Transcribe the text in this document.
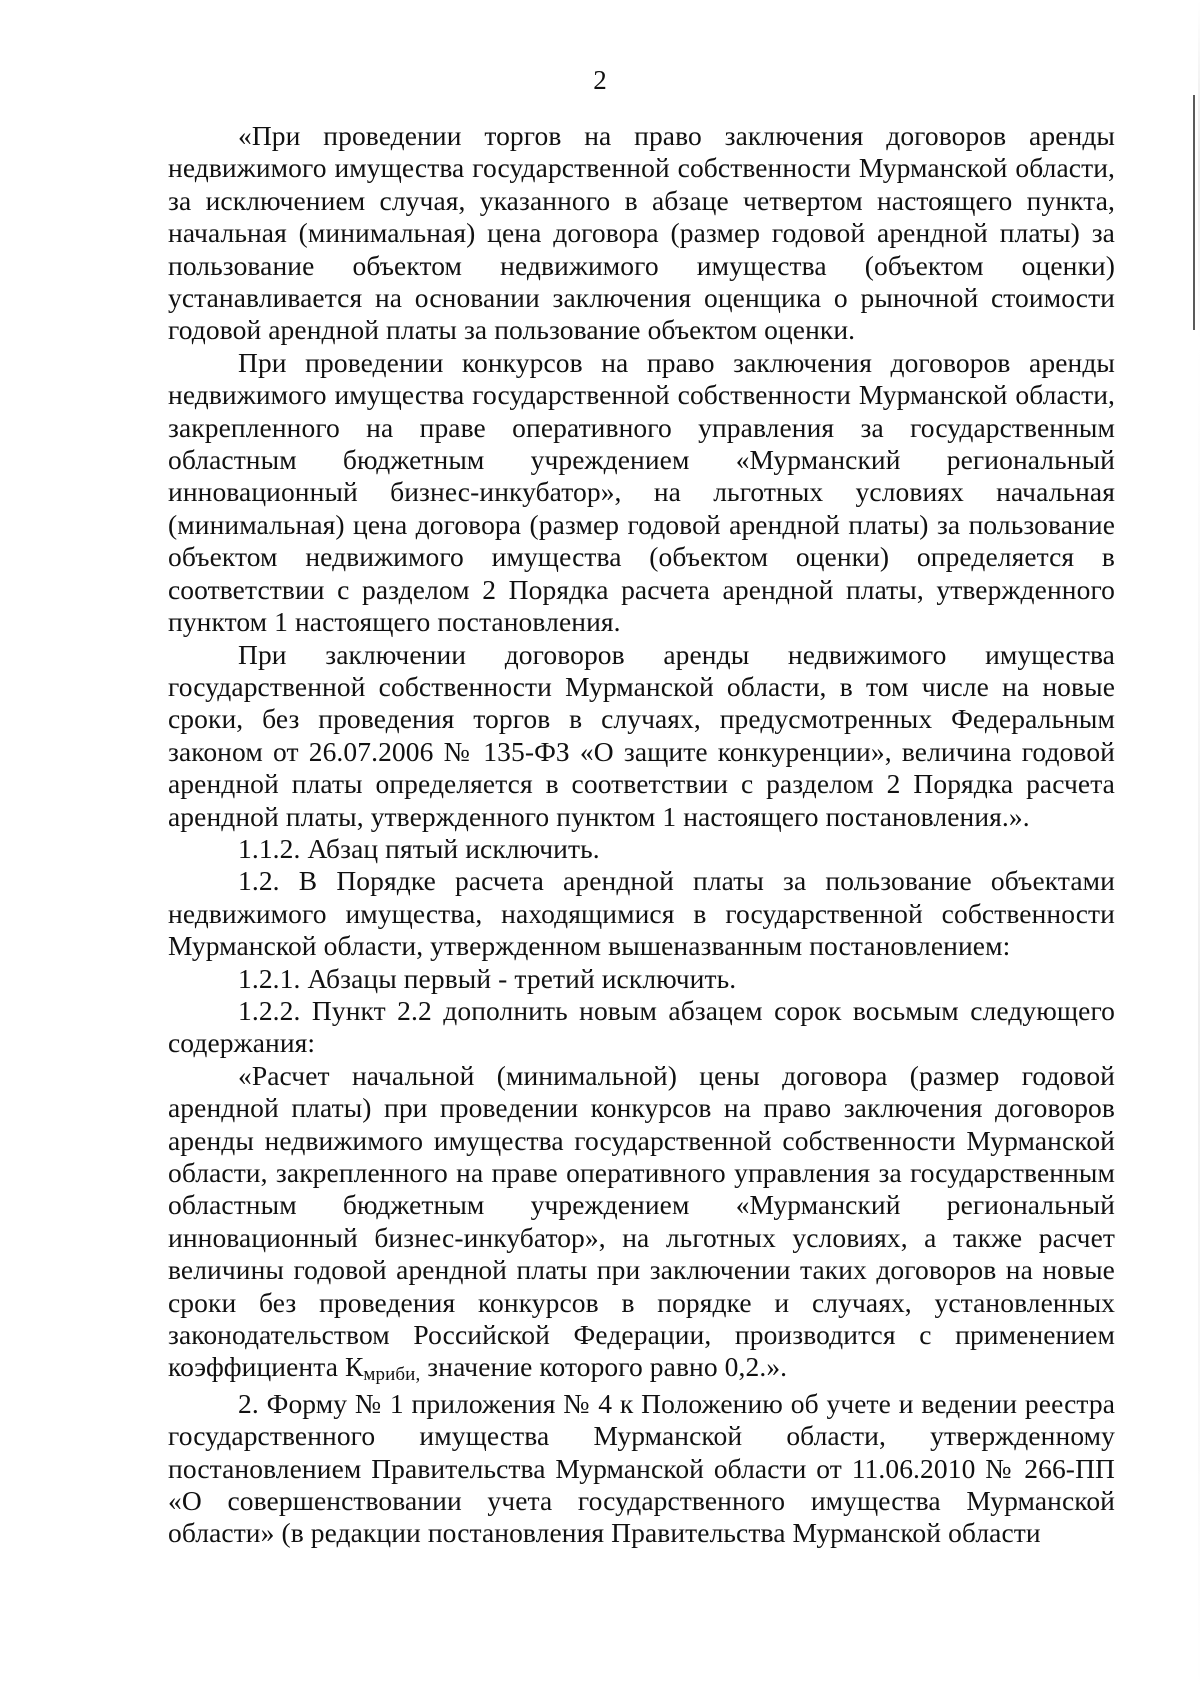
2

«При проведении торгов на право заключения договоров аренды недвижимого имущества государственной собственности Мурманской области, за исключением случая, указанного в абзаце четвертом настоящего пункта, начальная (минимальная) цена договора (размер годовой арендной платы) за пользование объектом недвижимого имущества (объектом оценки) устанавливается на основании заключения оценщика о рыночной стоимости годовой арендной платы за пользование объектом оценки.

При проведении конкурсов на право заключения договоров аренды недвижимого имущества государственной собственности Мурманской области, закрепленного на праве оперативного управления за государственным областным бюджетным учреждением «Мурманский региональный инновационный бизнес-инкубатор», на льготных условиях начальная (минимальная) цена договора (размер годовой арендной платы) за пользование объектом недвижимого имущества (объектом оценки) определяется в соответствии с разделом 2 Порядка расчета арендной платы, утвержденного пунктом 1 настоящего постановления.

При заключении договоров аренды недвижимого имущества государственной собственности Мурманской области, в том числе на новые сроки, без проведения торгов в случаях, предусмотренных Федеральным законом от 26.07.2006 № 135-ФЗ «О защите конкуренции», величина годовой арендной платы определяется в соответствии с разделом 2 Порядка расчета арендной платы, утвержденного пунктом 1 настоящего постановления.».

1.1.2. Абзац пятый исключить.

1.2. В Порядке расчета арендной платы за пользование объектами недвижимого имущества, находящимися в государственной собственности Мурманской области, утвержденном вышеназванным постановлением:

1.2.1. Абзацы первый - третий исключить.

1.2.2. Пункт 2.2 дополнить новым абзацем сорок восьмым следующего содержания:

«Расчет начальной (минимальной) цены договора (размер годовой арендной платы) при проведении конкурсов на право заключения договоров аренды недвижимого имущества государственной собственности Мурманской области, закрепленного на праве оперативного управления за государственным областным бюджетным учреждением «Мурманский региональный инновационный бизнес-инкубатор», на льготных условиях, а также расчет величины годовой арендной платы при заключении таких договоров на новые сроки без проведения конкурсов в порядке и случаях, установленных законодательством Российской Федерации, производится с применением коэффициента Кмриби, значение которого равно 0,2.».

2. Форму № 1 приложения № 4 к Положению об учете и ведении реестра государственного имущества Мурманской области, утвержденному постановлением Правительства Мурманской области от 11.06.2010 № 266-ПП «О совершенствовании учета государственного имущества Мурманской области» (в редакции постановления Правительства Мурманской области
